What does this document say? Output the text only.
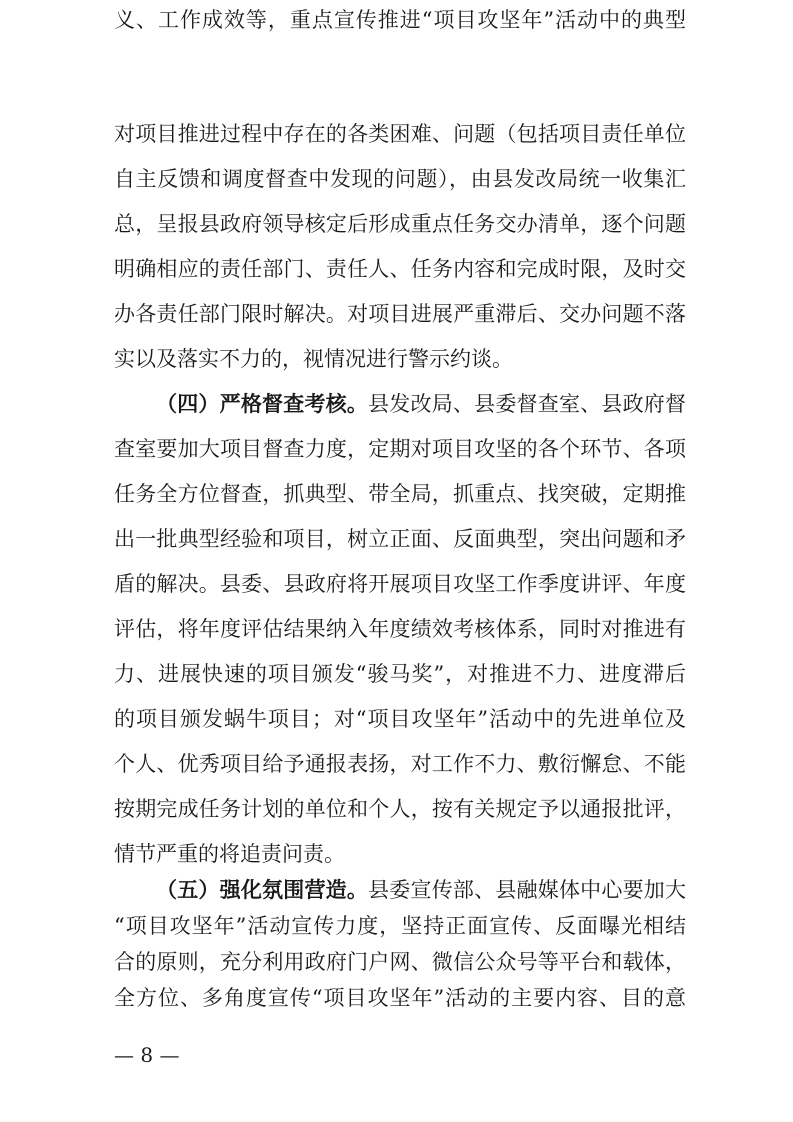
对项目推进过程中存在的各类困难、问题（包括项目责任单位
自主反馈和调度督查中发现的问题），由县发改局统一收集汇
总，呈报县政府领导核定后形成重点任务交办清单，逐个问题
明确相应的责任部门、责任人、任务内容和完成时限，及时交
办各责任部门限时解决。对项目进展严重滞后、交办问题不落
实以及落实不力的，视情况进行警示约谈。
（四）严格督查考核。县发改局、县委督查室、县政府督
查室要加大项目督查力度，定期对项目攻坚的各个环节、各项
任务全方位督查，抓典型、带全局，抓重点、找突破，定期推
出一批典型经验和项目，树立正面、反面典型，突出问题和矛
盾的解决。县委、县政府将开展项目攻坚工作季度讲评、年度
评估，将年度评估结果纳入年度绩效考核体系，同时对推进有
力、进展快速的项目颁发“骏马奖”，对推进不力、进度滞后
的项目颁发蜗牛项目；对“项目攻坚年”活动中的先进单位及
个人、优秀项目给予通报表扬，对工作不力、敷衍懈怠、不能
按期完成任务计划的单位和个人，按有关规定予以通报批评，
情节严重的将追责问责。
（五）强化氛围营造。县委宣传部、县融媒体中心要加大
“项目攻坚年”活动宣传力度，坚持正面宣传、反面曝光相结
合的原则，充分利用政府门户网、微信公众号等平台和载体，
— 8 —
全方位、多角度宣传“项目攻坚年”活动的主要内容、目的意
义、工作成效等，重点宣传推进“项目攻坚年”活动中的典型
